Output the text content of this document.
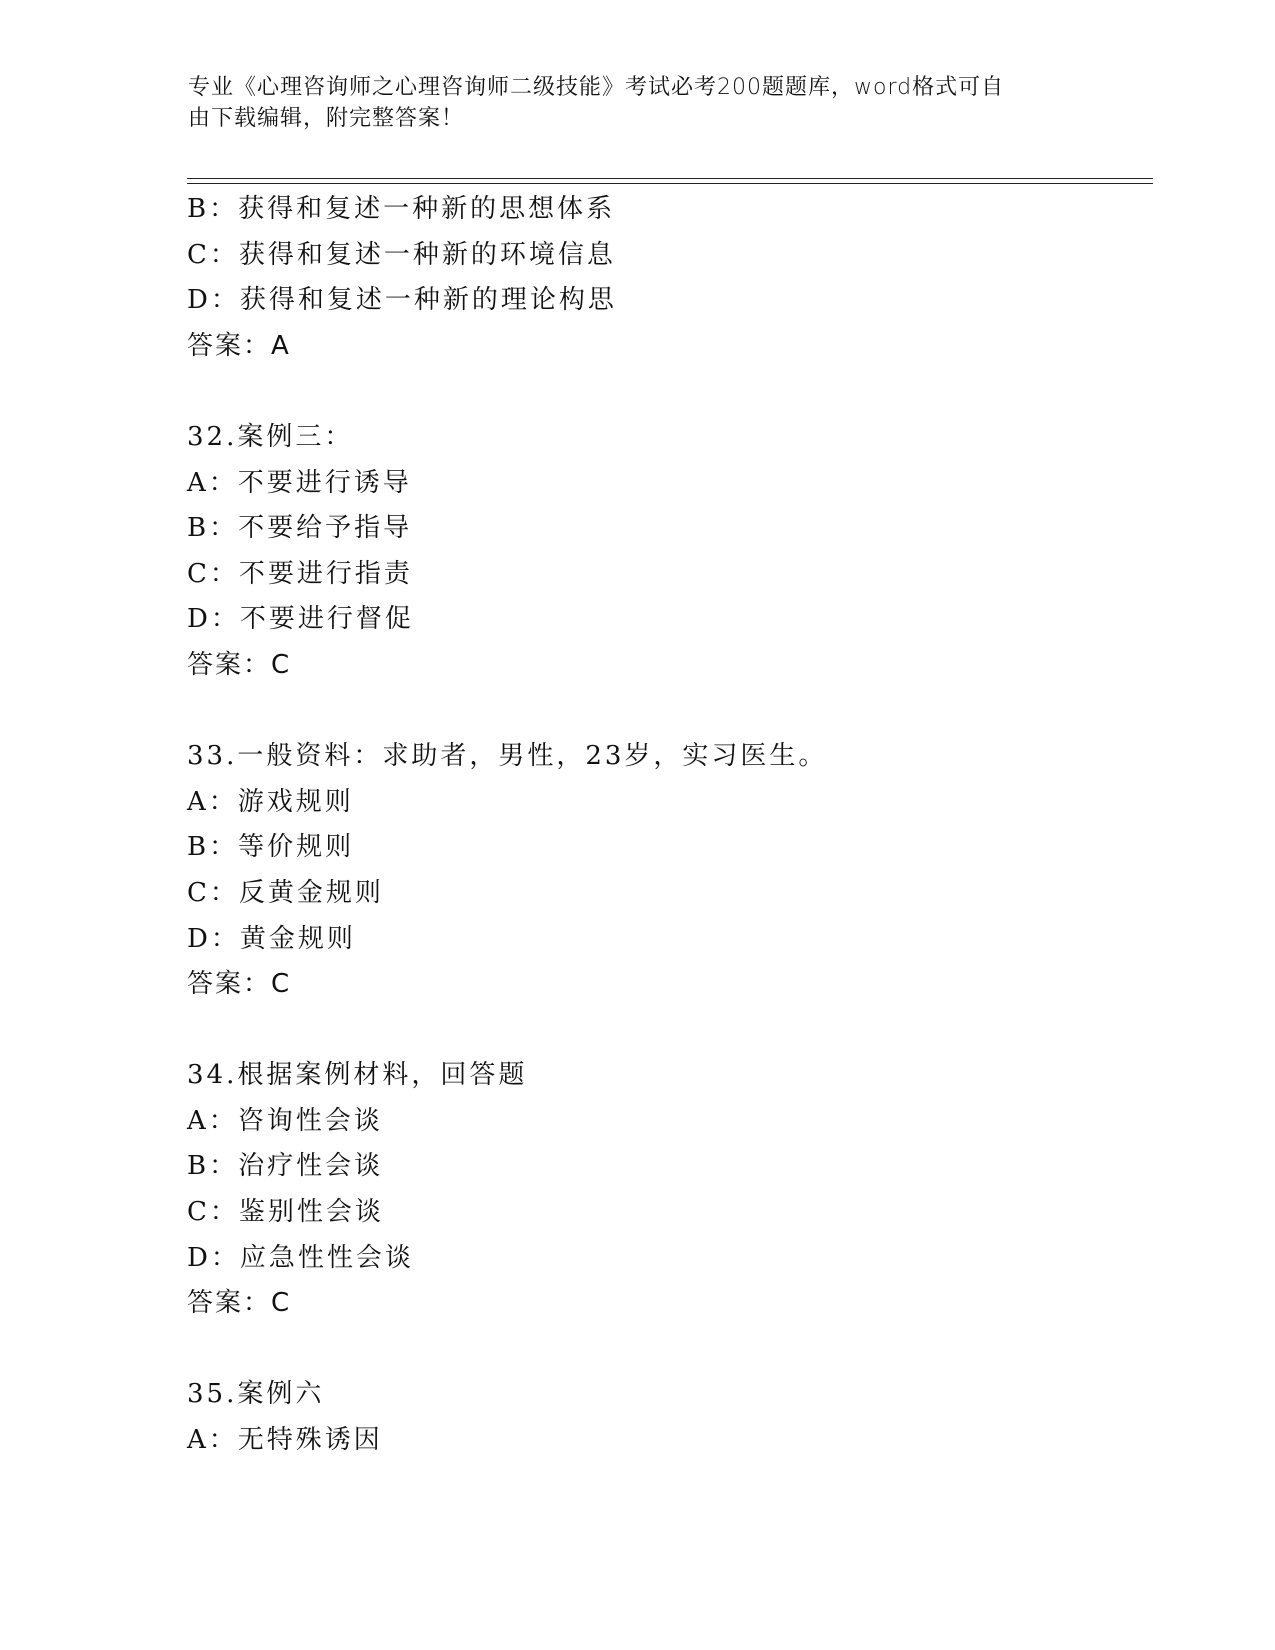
专业《心理咨询师之心理咨询师二级技能》考试必考200题题库，word格式可自
由下载编辑，附完整答案！
B：获得和复述一种新的思想体系
C：获得和复述一种新的环境信息
D：获得和复述一种新的理论构思
答案：A
32.案例三：
A：不要进行诱导
B：不要给予指导
C：不要进行指责
D：不要进行督促
答案：C
33.一般资料：求助者，男性，23岁，实习医生。
A：游戏规则
B：等价规则
C：反黄金规则
D：黄金规则
答案：C
34.根据案例材料，回答题
A：咨询性会谈
B：治疗性会谈
C：鉴别性会谈
D：应急性性会谈
答案：C
35.案例六
A：无特殊诱因
